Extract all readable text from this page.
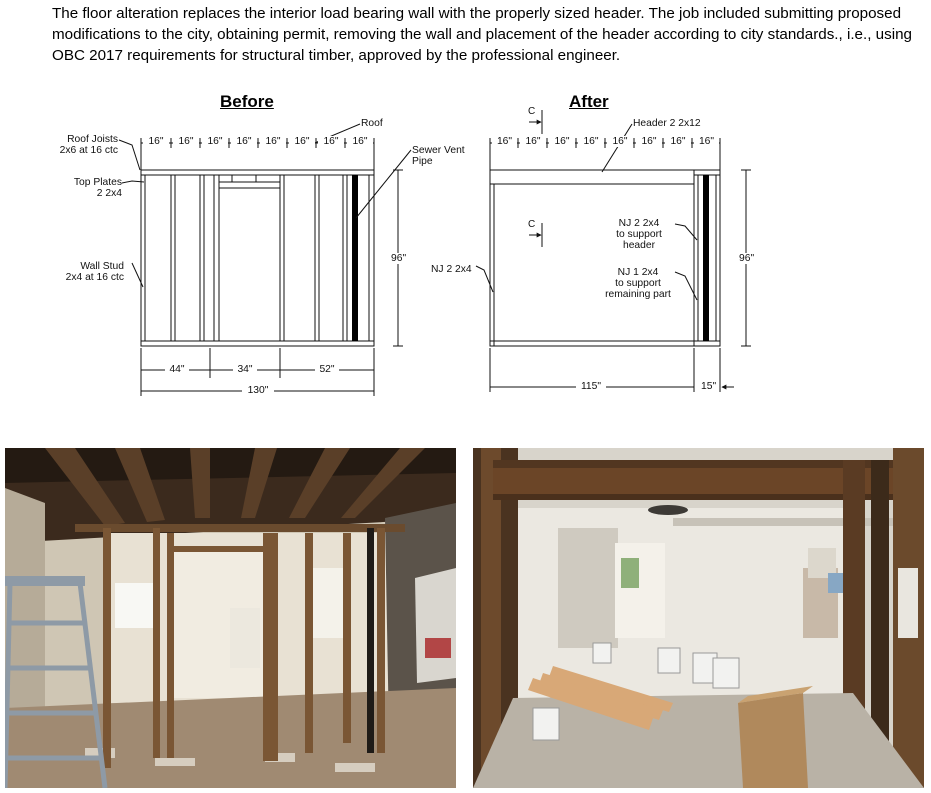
The floor alteration replaces the interior load bearing wall with the properly sized header. The job included submitting proposed modifications to the city, obtaining permit, removing the wall and placement of the header according to city standards., i.e., using OBC 2017 requirements for structural timber, approved by the professional engineer.

Before	After
Roof Joists
2x6 at 16 ctc
Top Plates
2 2x4
Wall Stud
2x4 at 16 ctc
Roof
Sewer Vent
Pipe
16"	16"	16"	16"	16"	16"	16"	16"
96"
44"	34"	52"
130"
C
C
Header 2 2x12
16"	16"	16"	16"	16"	16"	16"	16"
NJ 2 2x4
NJ 2 2x4
to support
header
NJ 1 2x4
to support
remaining part
96"
115"	15"
